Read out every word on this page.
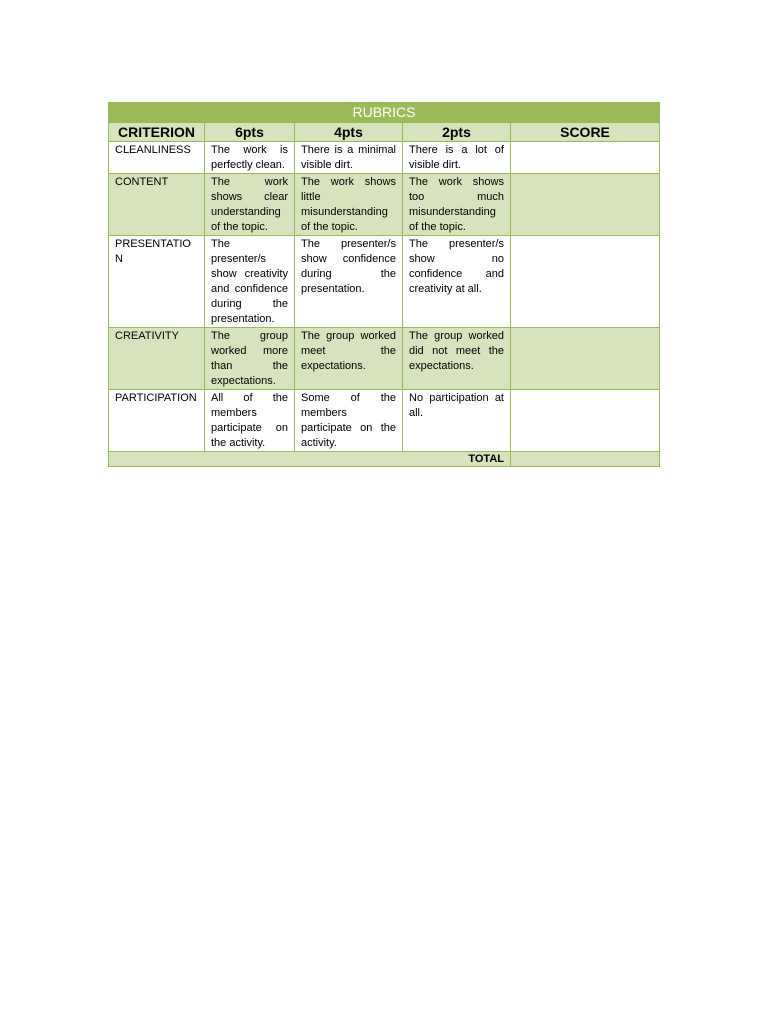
RUBRICS				
CRITERION	6pts	4pts	2pts	SCORE
CLEANLINESS	The work is perfectly clean.	There is a minimal visible dirt.	There is a lot of visible dirt.	
CONTENT	The work shows clear understanding of the topic.	The work shows little misunderstanding of the topic.	The work shows too much misunderstanding of the topic.	
PRESENTATION	The presenter/s show creativity and confidence during the presentation.	The presenter/s show confidence during the presentation.	The presenter/s show no confidence and creativity at all.	
CREATIVITY	The group worked more than the expectations.	The group worked meet the expectations.	The group worked did not meet the expectations.	
PARTICIPATION	All of the members participate on the activity.	Some of the members participate on the activity.	No participation at all.	
TOTAL				
